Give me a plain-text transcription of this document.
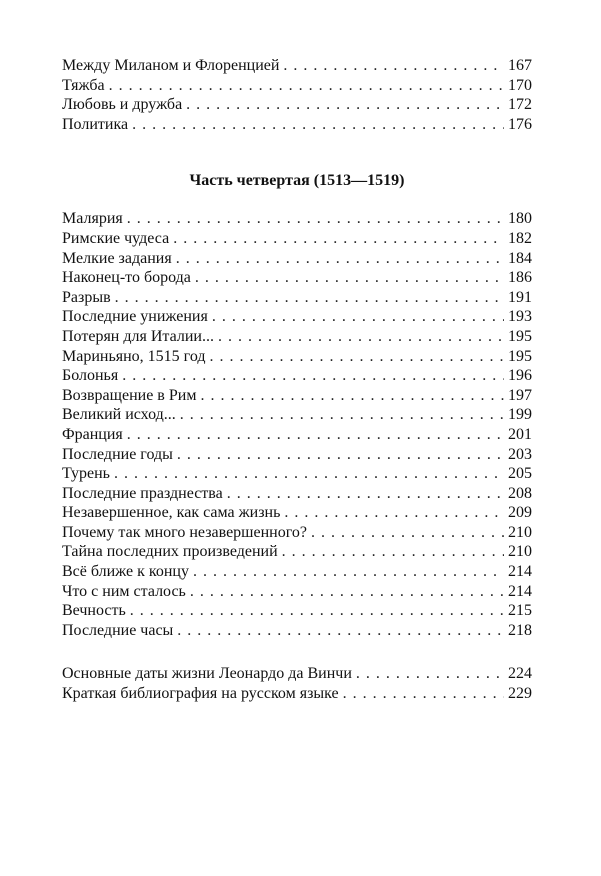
Между Миланом и Флоренцией . . .	167
Тяжба . . .	170
Любовь и дружба . . .	172
Политика . . .	176
Часть четвертая (1513—1519)
Малярия . . .	180
Римские чудеса . . .	182
Мелкие задания . . .	184
Наконец-то борода . . .	186
Разрыв . . .	191
Последние унижения . . .	193
Потерян для Италии... . . .	195
Мариньяно, 1515 год . . .	195
Болонья . . .	196
Возвращение в Рим . . .	197
Великий исход... . . .	199
Франция . . .	201
Последние годы . . .	203
Турень . . .	205
Последние празднества . . .	208
Незавершенное, как сама жизнь . . .	209
Почему так много незавершенного? . . .	210
Тайна последних произведений . . .	210
Всё ближе к концу . . .	214
Что с ним сталось . . .	214
Вечность . . .	215
Последние часы . . .	218
Основные даты жизни Леонардо да Винчи . . .	224
Краткая библиография на русском языке . . .	229
